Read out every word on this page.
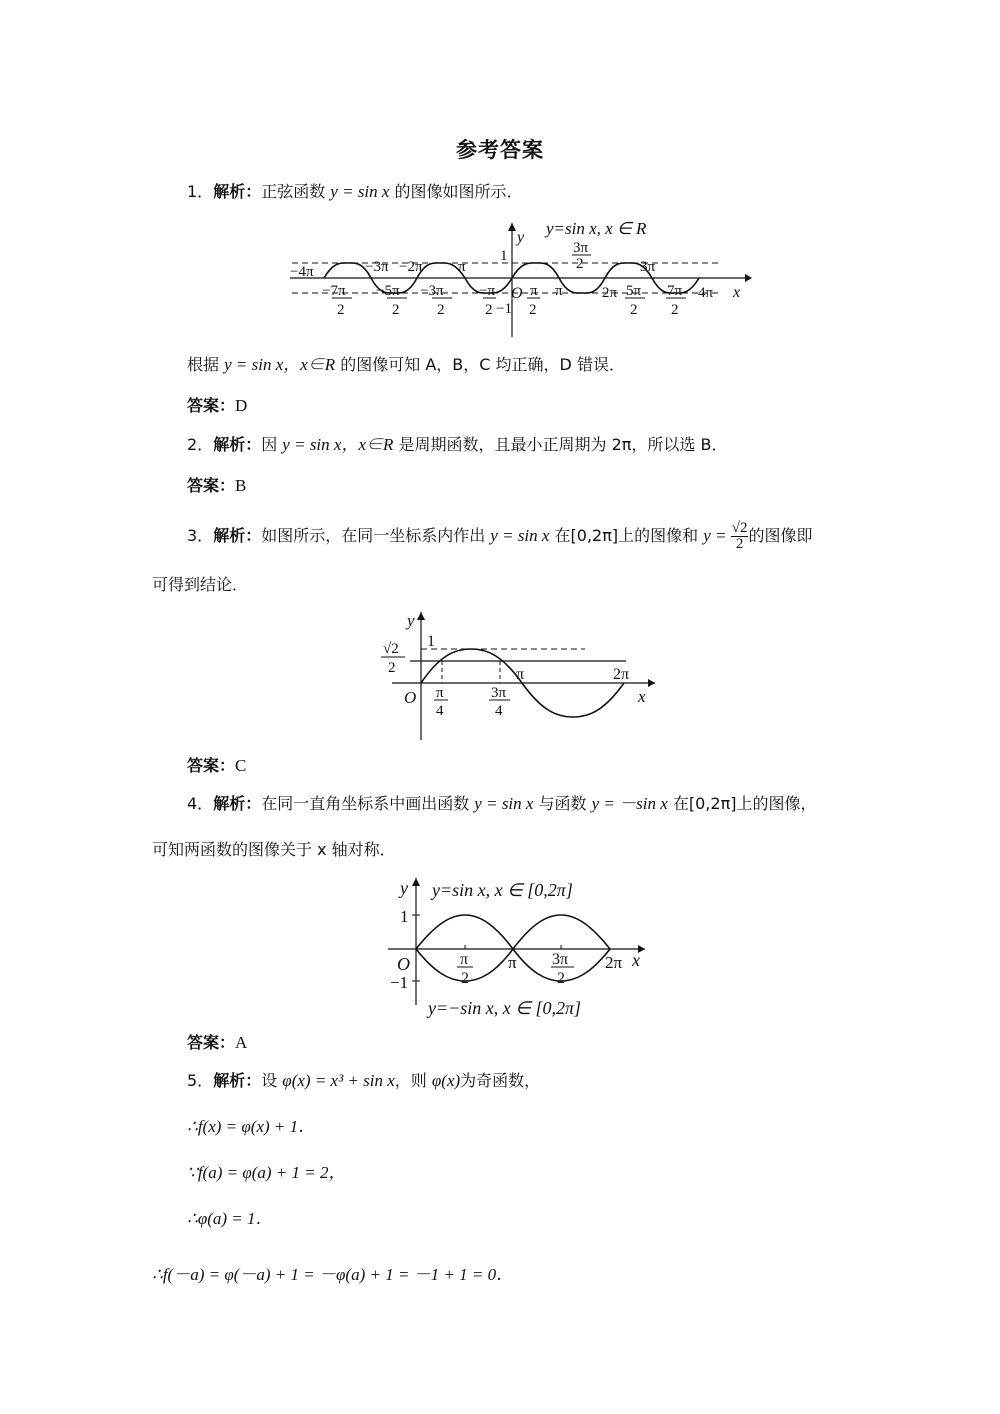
参考答案
1．解析：正弦函数 y = sin x 的图像如图所示．
y=sin x, x ∈ R
y
x
1
O
−1
−4π	−3π −2π π	3π
3π
2
π	2π	4π
−7π
2
−5π
2
−3π
2
−π
2
π
2
5π
2
7π
2
根据 y = sin x，x∈R 的图像可知 A，B，C 均正确，D 错误．
答案：D
2．解析：因 y = sin x，x∈R 是周期函数，且最小正周期为 2π，所以选 B．
答案：B
3．解析：如图所示，在同一坐标系内作出 y = sin x 在[0,2π]上的图像和 $y = \frac{√2}{2}$ 的图像即
可得到结论．
y
x
O
1
√2
2
π
4
3π
4
π	2π
答案：C
4．解析：在同一直角坐标系中画出函数 y = sin x 与函数 y = －sin x 在[0,2π]上的图像，
可知两函数的图像关于 x 轴对称．
y=sin x, x ∈ [0,2π]
y=−sin x, x ∈ [0,2π]
y
x
O
1
−1
π
2
π 3π
2
2π
答案：A
5．解析：设 φ(x) = x³ + sin x，则 φ(x)为奇函数，
∴f(x) = φ(x) + 1．
∵f(a) = φ(a) + 1 = 2，
∴φ(a) = 1．
∴f(－a) = φ(－a) + 1 = －φ(a) + 1 = －1 + 1 = 0．
